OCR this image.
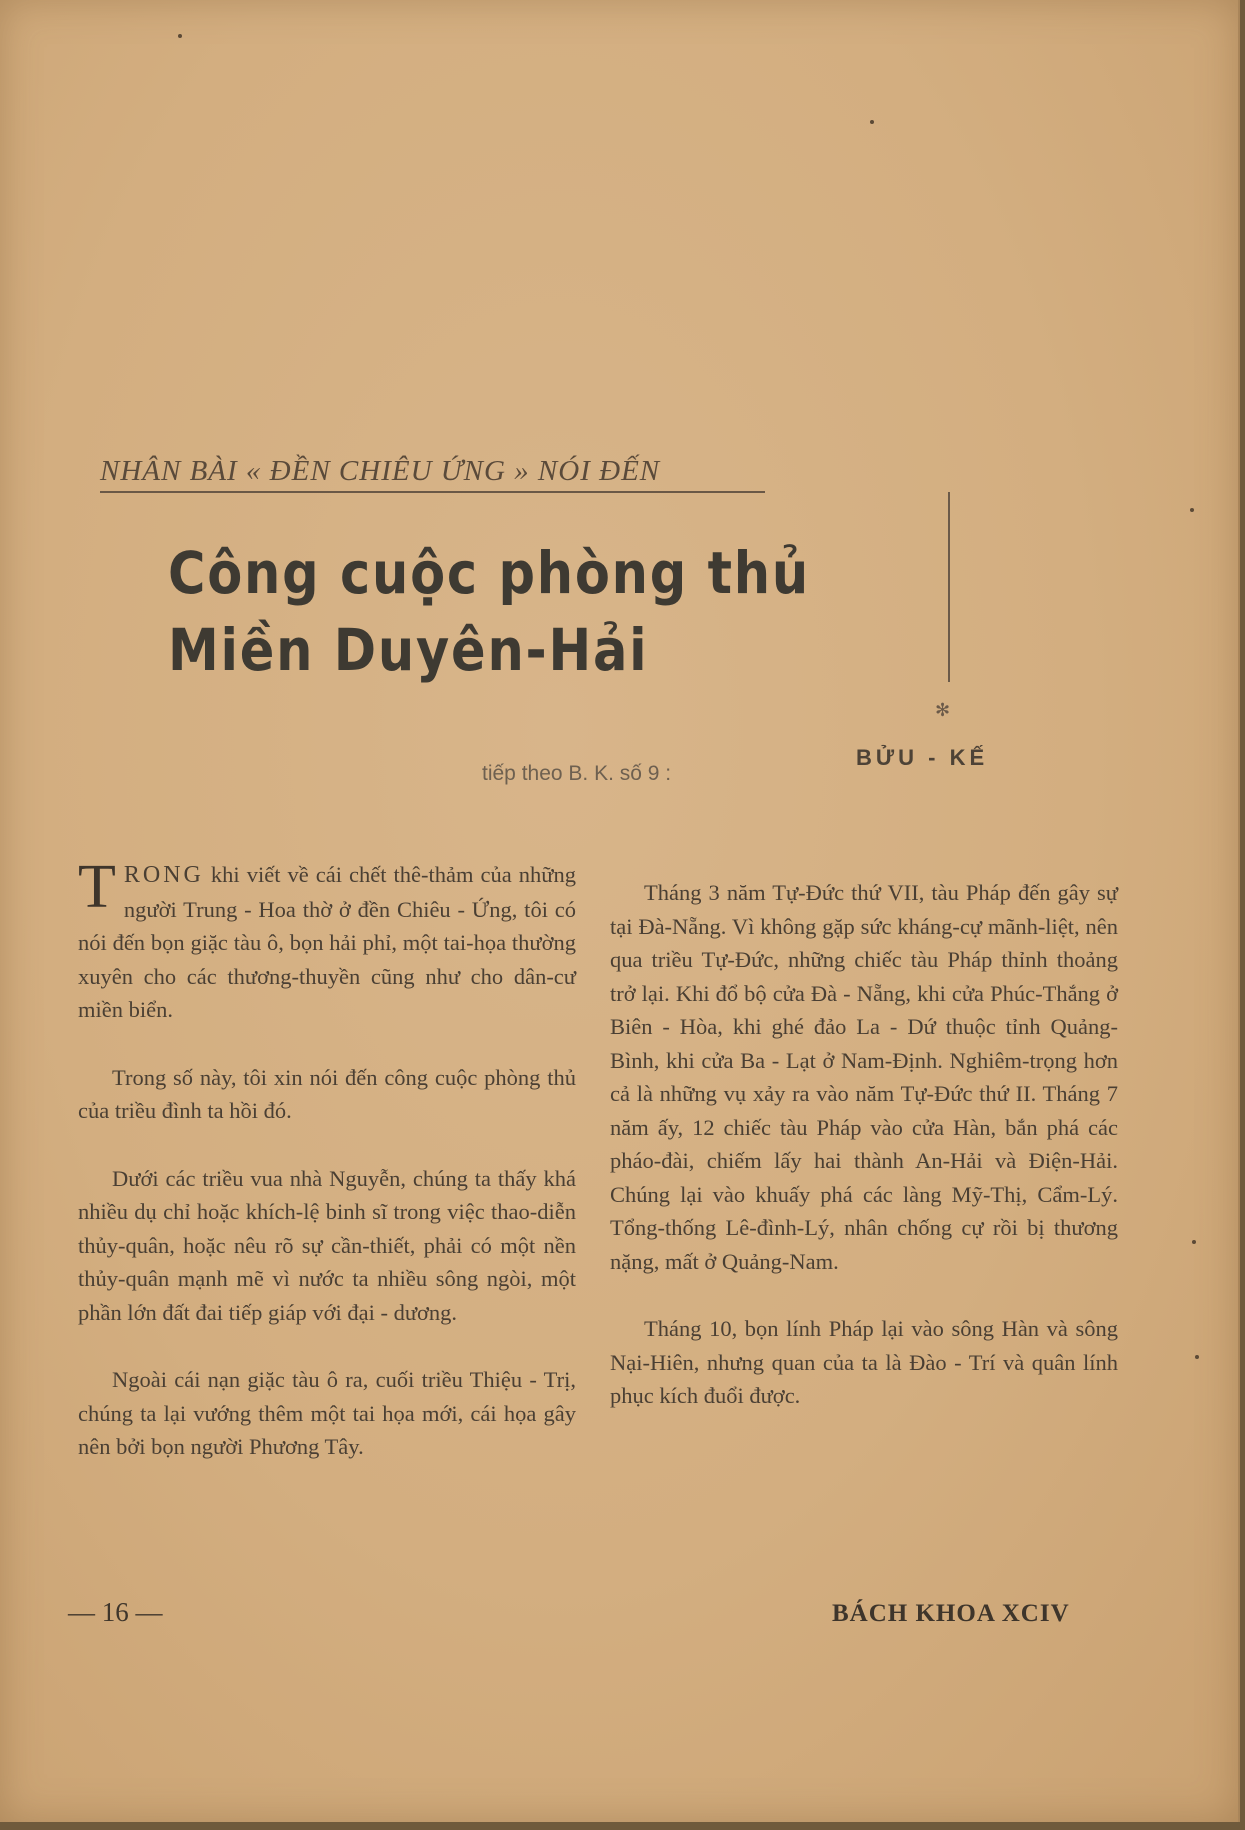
NHÂN BÀI « ĐỀN CHIÊU ỨNG » NÓI ĐẾN
Công cuộc phòng thủ
Miền Duyên-Hải
✻
tiếp theo B. K. số 9 :
BỬU - KẾ

TRONG khi viết về cái chết thê-thảm của những người Trung - Hoa thờ ở đền Chiêu - Ứng, tôi có nói đến bọn giặc tàu ô, bọn hải phỉ, một tai-họa thường xuyên cho các thương-thuyền cũng như cho dân-cư miền biển.

Trong số này, tôi xin nói đến công cuộc phòng thủ của triều đình ta hồi đó.

Dưới các triều vua nhà Nguyễn, chúng ta thấy khá nhiều dụ chỉ hoặc khích-lệ binh sĩ trong việc thao-diễn thủy-quân, hoặc nêu rõ sự cần-thiết, phải có một nền thủy-quân mạnh mẽ vì nước ta nhiều sông ngòi, một phần lớn đất đai tiếp giáp với đại - dương.

Ngoài cái nạn giặc tàu ô ra, cuối triều Thiệu - Trị, chúng ta lại vướng thêm một tai họa mới, cái họa gây nên bởi bọn người Phương Tây.

Tháng 3 năm Tự-Đức thứ VII, tàu Pháp đến gây sự tại Đà-Nẵng. Vì không gặp sức kháng-cự mãnh-liệt, nên qua triều Tự-Đức, những chiếc tàu Pháp thỉnh thoảng trở lại. Khi đổ bộ cửa Đà - Nẵng, khi cửa Phúc-Thắng ở Biên - Hòa, khi ghé đảo La - Dứ thuộc tỉnh Quảng-Bình, khi cửa Ba - Lạt ở Nam-Định. Nghiêm-trọng hơn cả là những vụ xảy ra vào năm Tự-Đức thứ II. Tháng 7 năm ấy, 12 chiếc tàu Pháp vào cửa Hàn, bắn phá các pháo-đài, chiếm lấy hai thành An-Hải và Điện-Hải. Chúng lại vào khuấy phá các làng Mỹ-Thị, Cẩm-Lý. Tổng-thống Lê-đình-Lý, nhân chống cự rồi bị thương nặng, mất ở Quảng-Nam.

Tháng 10, bọn lính Pháp lại vào sông Hàn và sông Nại-Hiên, nhưng quan của ta là Đào - Trí và quân lính phục kích đuổi được.

— 16 —	BÁCH KHOA XCIV
